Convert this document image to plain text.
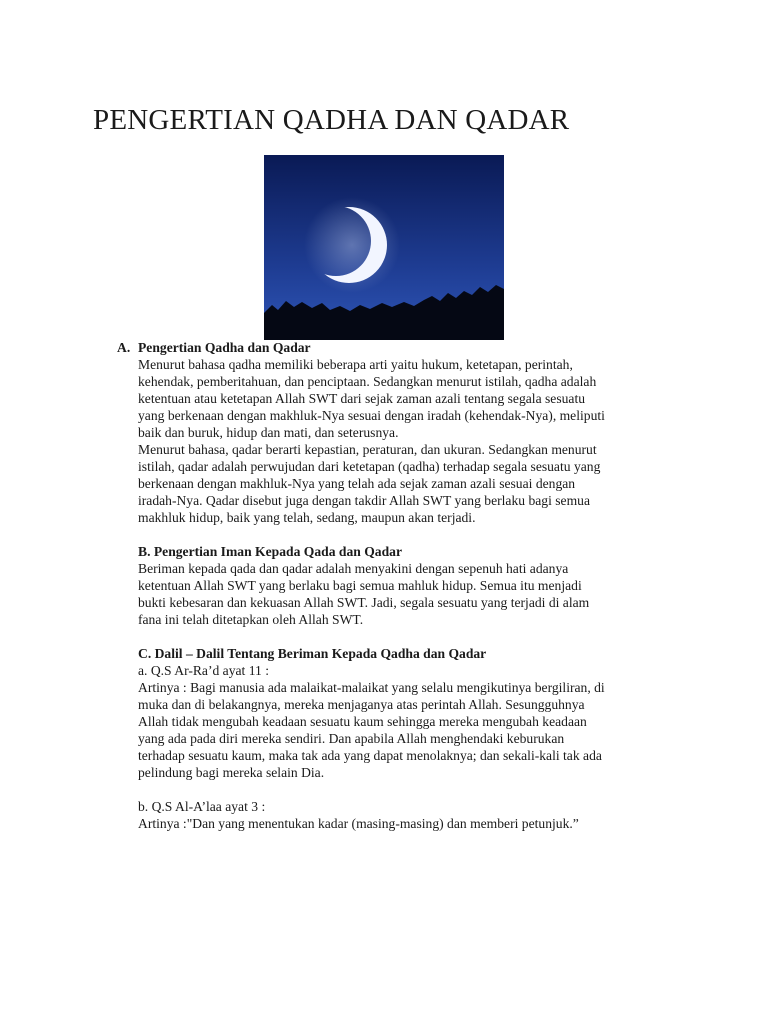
PENGERTIAN QADHA DAN QADAR
A. Pengertian Qadha dan Qadar
Menurut bahasa qadha memiliki beberapa arti yaitu hukum, ketetapan, perintah,
kehendak, pemberitahuan, dan penciptaan. Sedangkan menurut istilah, qadha adalah
ketentuan atau ketetapan Allah SWT dari sejak zaman azali tentang segala sesuatu
yang berkenaan dengan makhluk-Nya sesuai dengan iradah (kehendak-Nya), meliputi
baik dan buruk, hidup dan mati, dan seterusnya.
Menurut bahasa, qadar berarti kepastian, peraturan, dan ukuran. Sedangkan menurut
istilah, qadar adalah perwujudan dari ketetapan (qadha) terhadap segala sesuatu yang
berkenaan dengan makhluk-Nya yang telah ada sejak zaman azali sesuai dengan
iradah-Nya. Qadar disebut juga dengan takdir Allah SWT yang berlaku bagi semua
makhluk hidup, baik yang telah, sedang, maupun akan terjadi.
B. Pengertian Iman Kepada Qada dan Qadar
Beriman kepada qada dan qadar adalah menyakini dengan sepenuh hati adanya
ketentuan Allah SWT yang berlaku bagi semua mahluk hidup. Semua itu menjadi
bukti kebesaran dan kekuasan Allah SWT. Jadi, segala sesuatu yang terjadi di alam
fana ini telah ditetapkan oleh Allah SWT.
C. Dalil – Dalil Tentang Beriman Kepada Qadha dan Qadar
a. Q.S Ar-Ra’d ayat 11 :
Artinya : Bagi manusia ada malaikat-malaikat yang selalu mengikutinya bergiliran, di
muka dan di belakangnya, mereka menjaganya atas perintah Allah. Sesungguhnya
Allah tidak mengubah keadaan sesuatu kaum sehingga mereka mengubah keadaan
yang ada pada diri mereka sendiri. Dan apabila Allah menghendaki keburukan
terhadap sesuatu kaum, maka tak ada yang dapat menolaknya; dan sekali-kali tak ada
pelindung bagi mereka selain Dia.
b. Q.S Al-A’laa ayat 3 :
Artinya :"Dan yang menentukan kadar (masing-masing) dan memberi petunjuk.”
